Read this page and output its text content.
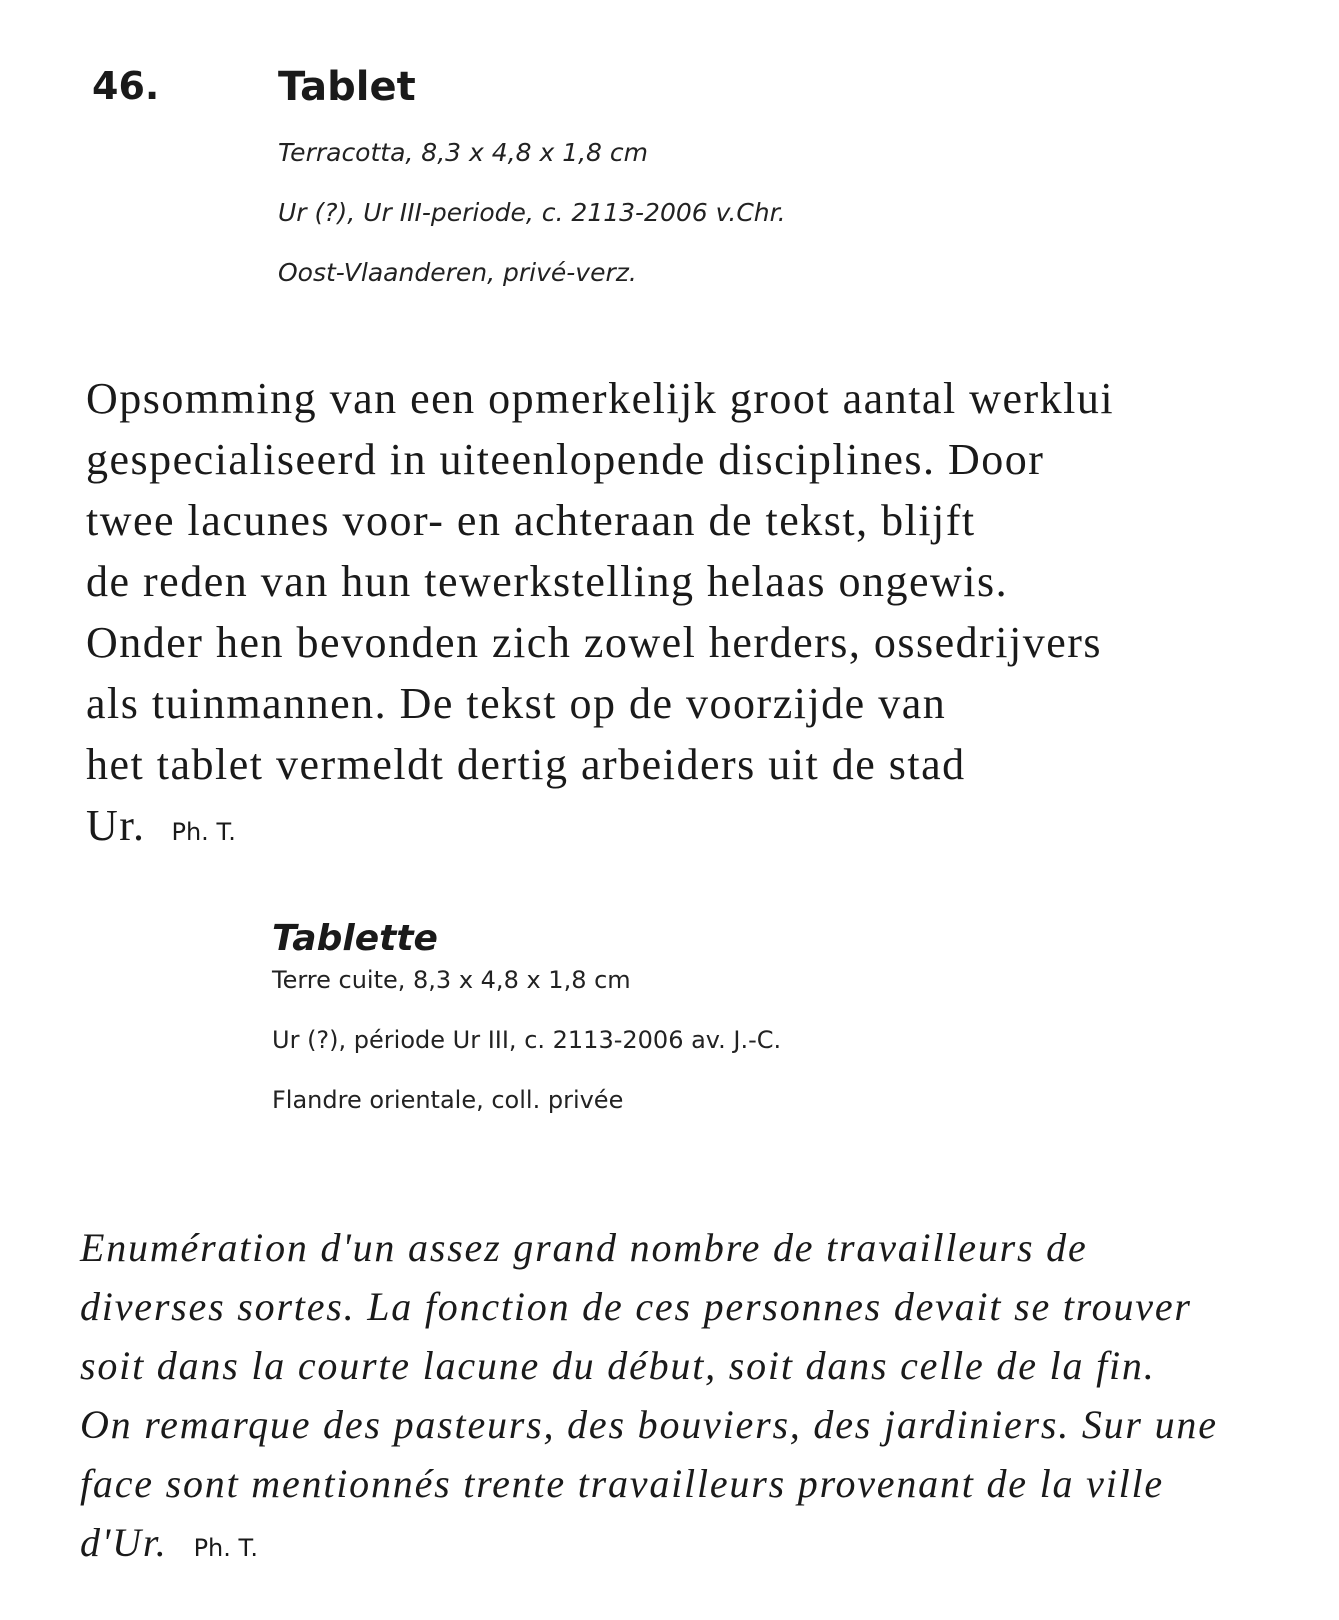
46.	Tablet
Terracotta, 8,3 x 4,8 x 1,8 cm
Ur (?), Ur III-periode, c. 2113-2006 v.Chr.
Oost-Vlaanderen, privé-verz.
Opsomming van een opmerkelijk groot aantal werklui
gespecialiseerd in uiteenlopende disciplines. Door
twee lacunes voor- en achteraan de tekst, blijft
de reden van hun tewerkstelling helaas ongewis.
Onder hen bevonden zich zowel herders, ossedrijvers
als tuinmannen. De tekst op de voorzijde van
het tablet vermeldt dertig arbeiders uit de stad
Ur. Ph. T.
Tablette
Terre cuite, 8,3 x 4,8 x 1,8 cm
Ur (?), période Ur III, c. 2113-2006 av. J.-C.
Flandre orientale, coll. privée
Enumération d'un assez grand nombre de travailleurs de
diverses sortes. La fonction de ces personnes devait se trouver
soit dans la courte lacune du début, soit dans celle de la fin.
On remarque des pasteurs, des bouviers, des jardiniers. Sur une
face sont mentionnés trente travailleurs provenant de la ville
d'Ur. Ph. T.
